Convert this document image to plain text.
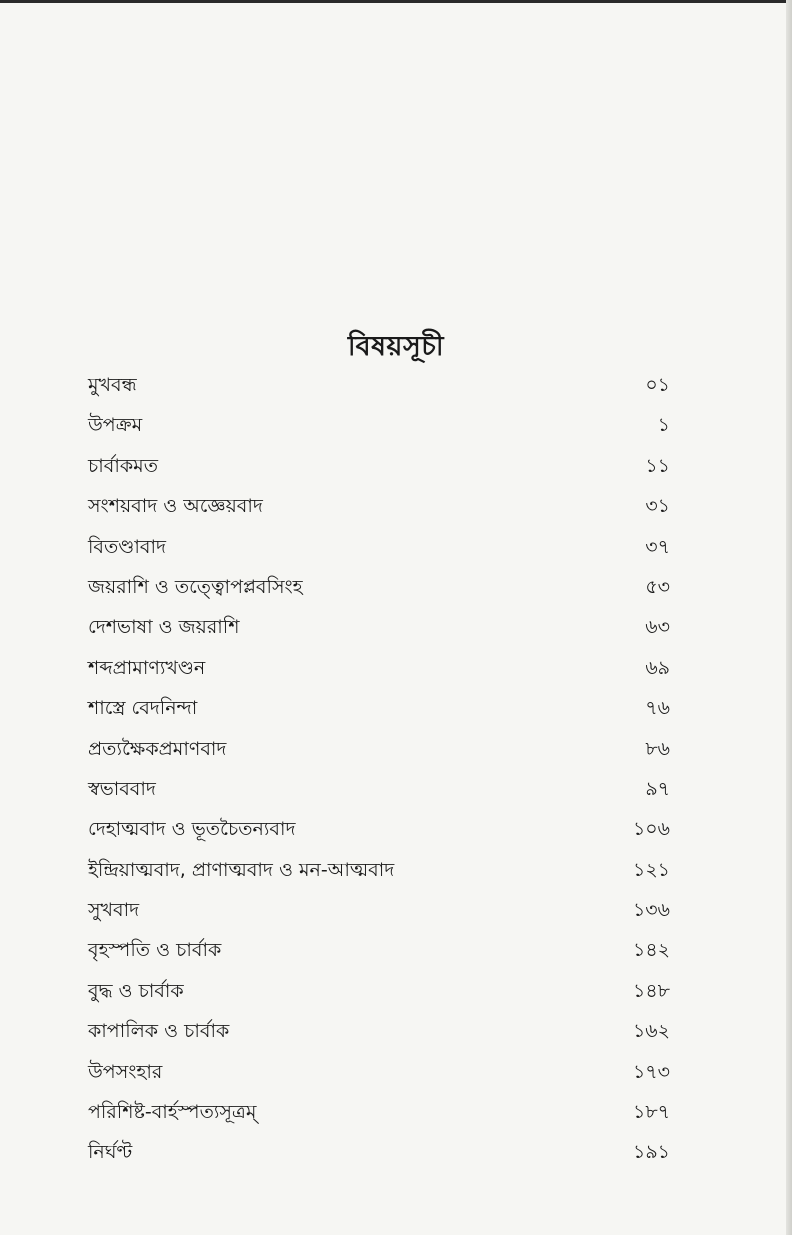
বিষয়সূচী
মুখবন্ধ	০১
উপক্রম	১
চার্বাকমত	১১
সংশয়বাদ ও অজ্ঞেয়বাদ	৩১
বিতণ্ডাবাদ	৩৭
জয়রাশি ও তত্ত্বোপপ্লবসিংহ	৫৩
দেশভাষা ও জয়রাশি	৬৩
শব্দপ্রামাণ্যখণ্ডন	৬৯
শাস্ত্রে বেদনিন্দা	৭৬
প্রত্যক্ষৈকপ্রমাণবাদ	৮৬
স্বভাববাদ	৯৭
দেহাত্মবাদ ও ভূতচৈতন্যবাদ	১০৬
ইন্দ্রিয়াত্মবাদ, প্রাণাত্মবাদ ও মন-আত্মবাদ	১২১
সুখবাদ	১৩৬
বৃহস্পতি ও চার্বাক	১৪২
বুদ্ধ ও চার্বাক	১৪৮
কাপালিক ও চার্বাক	১৬২
উপসংহার	১৭৩
পরিশিষ্ট-বার্হস্পত্যসূত্রম্	১৮৭
নির্ঘণ্ট	১৯১
